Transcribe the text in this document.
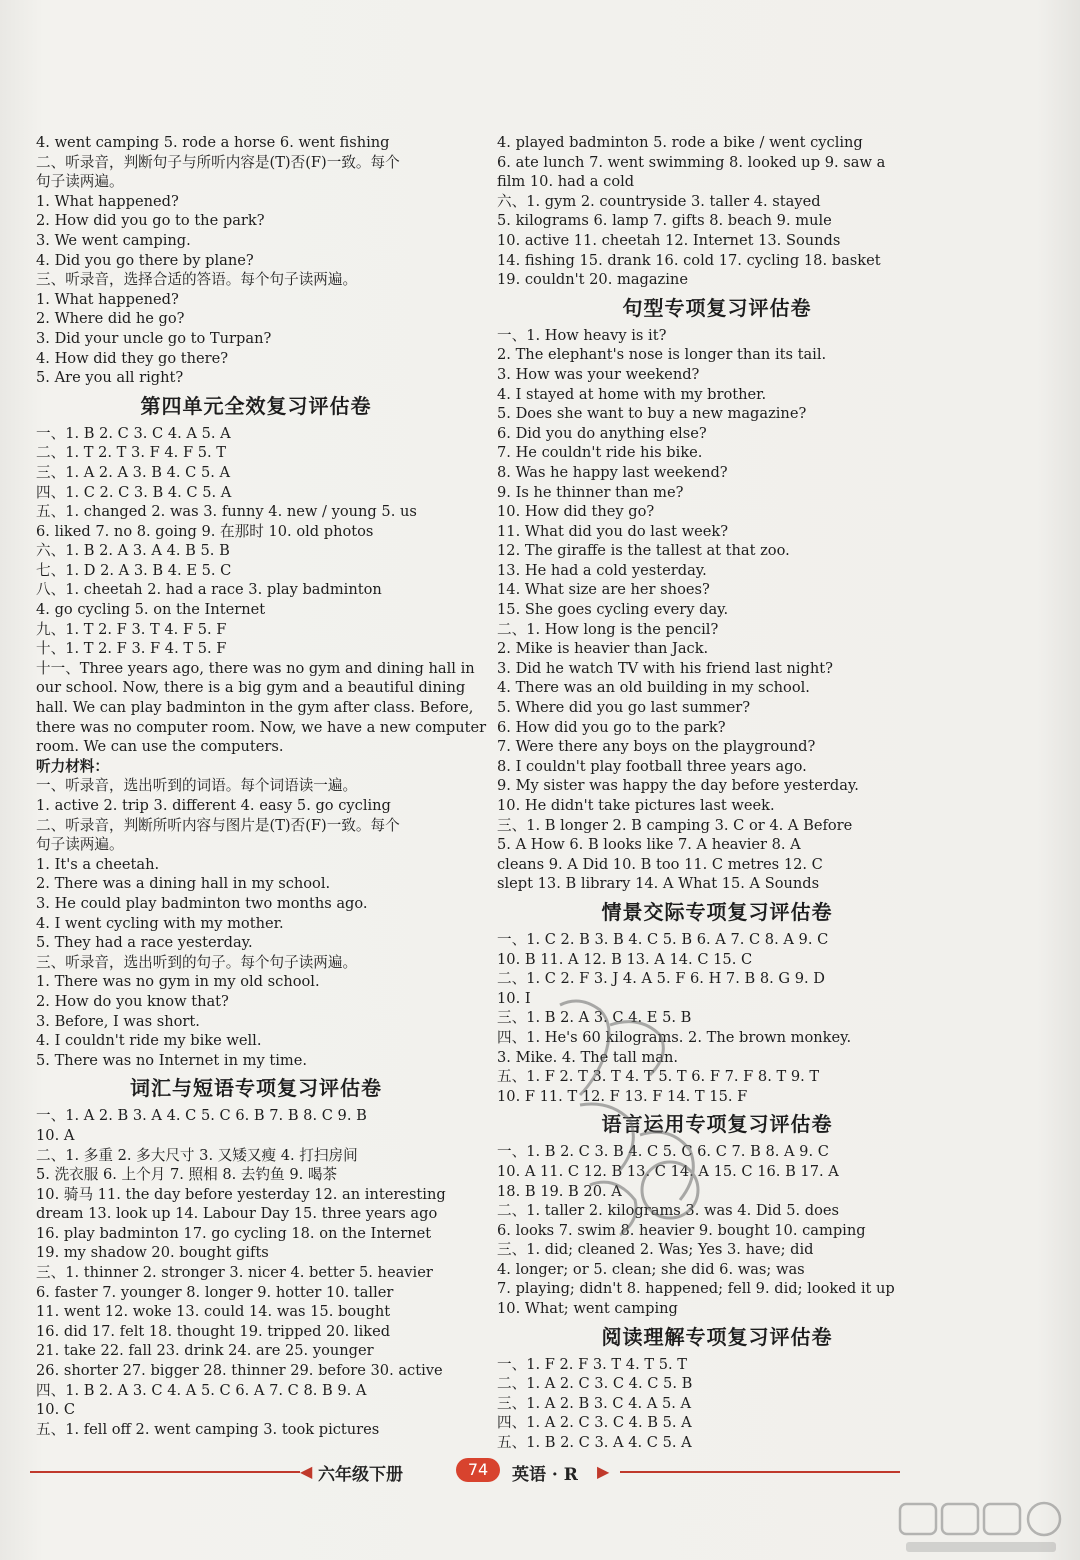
4. went camping 5. rode a horse 6. went fishing
二、听录音，判断句子与所听内容是(T)否(F)一致。每个
句子读两遍。
1. What happened?
2. How did you go to the park?
3. We went camping.
4. Did you go there by plane?
三、听录音，选择合适的答语。每个句子读两遍。
1. What happened?
2. Where did he go?
3. Did your uncle go to Turpan?
4. How did they go there?
5. Are you all right?
第四单元全效复习评估卷
一、1. B 2. C 3. C 4. A 5. A
二、1. T 2. T 3. F 4. F 5. T
三、1. A 2. A 3. B 4. C 5. A
四、1. C 2. C 3. B 4. C 5. A
五、1. changed 2. was 3. funny 4. new / young 5. us
6. liked 7. no 8. going 9. 在那时 10. old photos
六、1. B 2. A 3. A 4. B 5. B
七、1. D 2. A 3. B 4. E 5. C
八、1. cheetah 2. had a race 3. play badminton
4. go cycling 5. on the Internet
九、1. T 2. F 3. T 4. F 5. F
十、1. T 2. F 3. F 4. T 5. F
十一、Three years ago, there was no gym and dining hall in
our school. Now, there is a big gym and a beautiful dining
hall. We can play badminton in the gym after class. Before,
there was no computer room. Now, we have a new computer
room. We can use the computers.
听力材料：
一、听录音，选出听到的词语。每个词语读一遍。
1. active 2. trip 3. different 4. easy 5. go cycling
二、听录音，判断所听内容与图片是(T)否(F)一致。每个
句子读两遍。
1. It's a cheetah.
2. There was a dining hall in my school.
3. He could play badminton two months ago.
4. I went cycling with my mother.
5. They had a race yesterday.
三、听录音，选出听到的句子。每个句子读两遍。
1. There was no gym in my old school.
2. How do you know that?
3. Before, I was short.
4. I couldn't ride my bike well.
5. There was no Internet in my time.
词汇与短语专项复习评估卷
一、1. A 2. B 3. A 4. C 5. C 6. B 7. B 8. C 9. B
10. A
二、1. 多重 2. 多大尺寸 3. 又矮又瘦 4. 打扫房间
5. 洗衣服 6. 上个月 7. 照相 8. 去钓鱼 9. 喝茶
10. 骑马 11. the day before yesterday 12. an interesting
dream 13. look up 14. Labour Day 15. three years ago
16. play badminton 17. go cycling 18. on the Internet
19. my shadow 20. bought gifts
三、1. thinner 2. stronger 3. nicer 4. better 5. heavier
6. faster 7. younger 8. longer 9. hotter 10. taller
11. went 12. woke 13. could 14. was 15. bought
16. did 17. felt 18. thought 19. tripped 20. liked
21. take 22. fall 23. drink 24. are 25. younger
26. shorter 27. bigger 28. thinner 29. before 30. active
四、1. B 2. A 3. C 4. A 5. C 6. A 7. C 8. B 9. A
10. C
五、1. fell off 2. went camping 3. took pictures
4. played badminton 5. rode a bike / went cycling
6. ate lunch 7. went swimming 8. looked up 9. saw a
film 10. had a cold
六、1. gym 2. countryside 3. taller 4. stayed
5. kilograms 6. lamp 7. gifts 8. beach 9. mule
10. active 11. cheetah 12. Internet 13. Sounds
14. fishing 15. drank 16. cold 17. cycling 18. basket
19. couldn't 20. magazine
句型专项复习评估卷
一、1. How heavy is it?
2. The elephant's nose is longer than its tail.
3. How was your weekend?
4. I stayed at home with my brother.
5. Does she want to buy a new magazine?
6. Did you do anything else?
7. He couldn't ride his bike.
8. Was he happy last weekend?
9. Is he thinner than me?
10. How did they go?
11. What did you do last week?
12. The giraffe is the tallest at that zoo.
13. He had a cold yesterday.
14. What size are her shoes?
15. She goes cycling every day.
二、1. How long is the pencil?
2. Mike is heavier than Jack.
3. Did he watch TV with his friend last night?
4. There was an old building in my school.
5. Where did you go last summer?
6. How did you go to the park?
7. Were there any boys on the playground?
8. I couldn't play football three years ago.
9. My sister was happy the day before yesterday.
10. He didn't take pictures last week.
三、1. B longer 2. B camping 3. C or 4. A Before
5. A How 6. B looks like 7. A heavier 8. A
cleans 9. A Did 10. B too 11. C metres 12. C
slept 13. B library 14. A What 15. A Sounds
情景交际专项复习评估卷
一、1. C 2. B 3. B 4. C 5. B 6. A 7. C 8. A 9. C
10. B 11. A 12. B 13. A 14. C 15. C
二、1. C 2. F 3. J 4. A 5. F 6. H 7. B 8. G 9. D
10. I
三、1. B 2. A 3. C 4. E 5. B
四、1. He's 60 kilograms. 2. The brown monkey.
3. Mike. 4. The tall man.
五、1. F 2. T 3. T 4. T 5. T 6. F 7. F 8. T 9. T
10. F 11. T 12. F 13. F 14. T 15. F
语言运用专项复习评估卷
一、1. B 2. C 3. B 4. C 5. C 6. C 7. B 8. A 9. C
10. A 11. C 12. B 13. C 14. A 15. C 16. B 17. A
18. B 19. B 20. A
二、1. taller 2. kilograms 3. was 4. Did 5. does
6. looks 7. swim 8. heavier 9. bought 10. camping
三、1. did; cleaned 2. Was; Yes 3. have; did
4. longer; or 5. clean; she did 6. was; was
7. playing; didn't 8. happened; fell 9. did; looked it up
10. What; went camping
阅读理解专项复习评估卷
一、1. F 2. F 3. T 4. T 5. T
二、1. A 2. C 3. C 4. C 5. B
三、1. A 2. B 3. C 4. A 5. A
四、1. A 2. C 3. C 4. B 5. A
五、1. B 2. C 3. A 4. C 5. A
◀ 六年级下册	74	英语 · R ▶
